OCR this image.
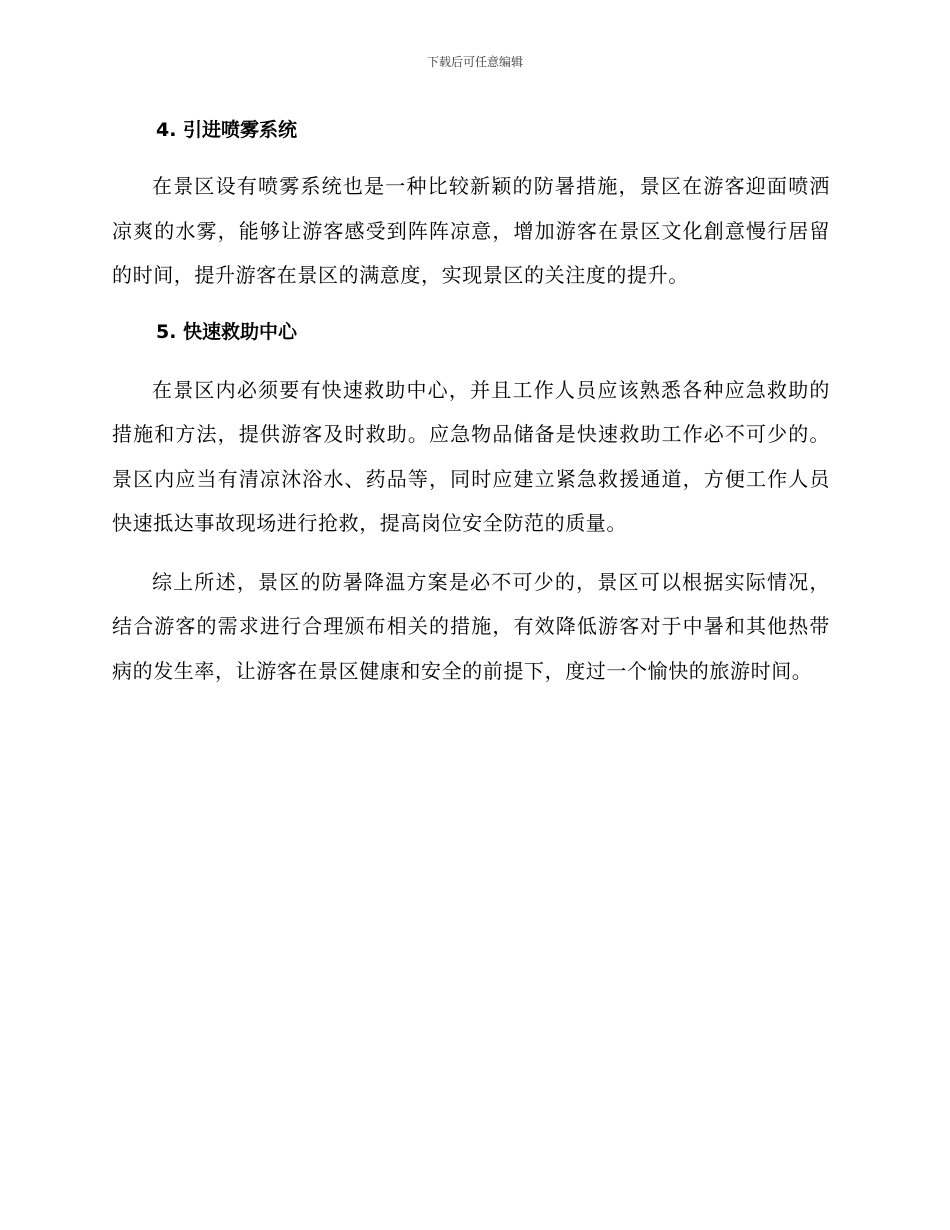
下载后可任意编辑
4. 引进喷雾系统

在景区设有喷雾系统也是一种比较新颖的防暑措施，景区在游客迎面喷洒凉爽的水雾，能够让游客感受到阵阵凉意，增加游客在景区文化創意慢行居留的时间，提升游客在景区的满意度，实现景区的关注度的提升。

5. 快速救助中心

在景区内必须要有快速救助中心，并且工作人员应该熟悉各种应急救助的措施和方法，提供游客及时救助。应急物品储备是快速救助工作必不可少的。景区内应当有清凉沐浴水、药品等，同时应建立紧急救援通道，方便工作人员快速抵达事故现场进行抢救，提高岗位安全防范的质量。

综上所述，景区的防暑降温方案是必不可少的，景区可以根据实际情况，结合游客的需求进行合理颁布相关的措施，有效降低游客对于中暑和其他热带病的发生率，让游客在景区健康和安全的前提下，度过一个愉快的旅游时间。
